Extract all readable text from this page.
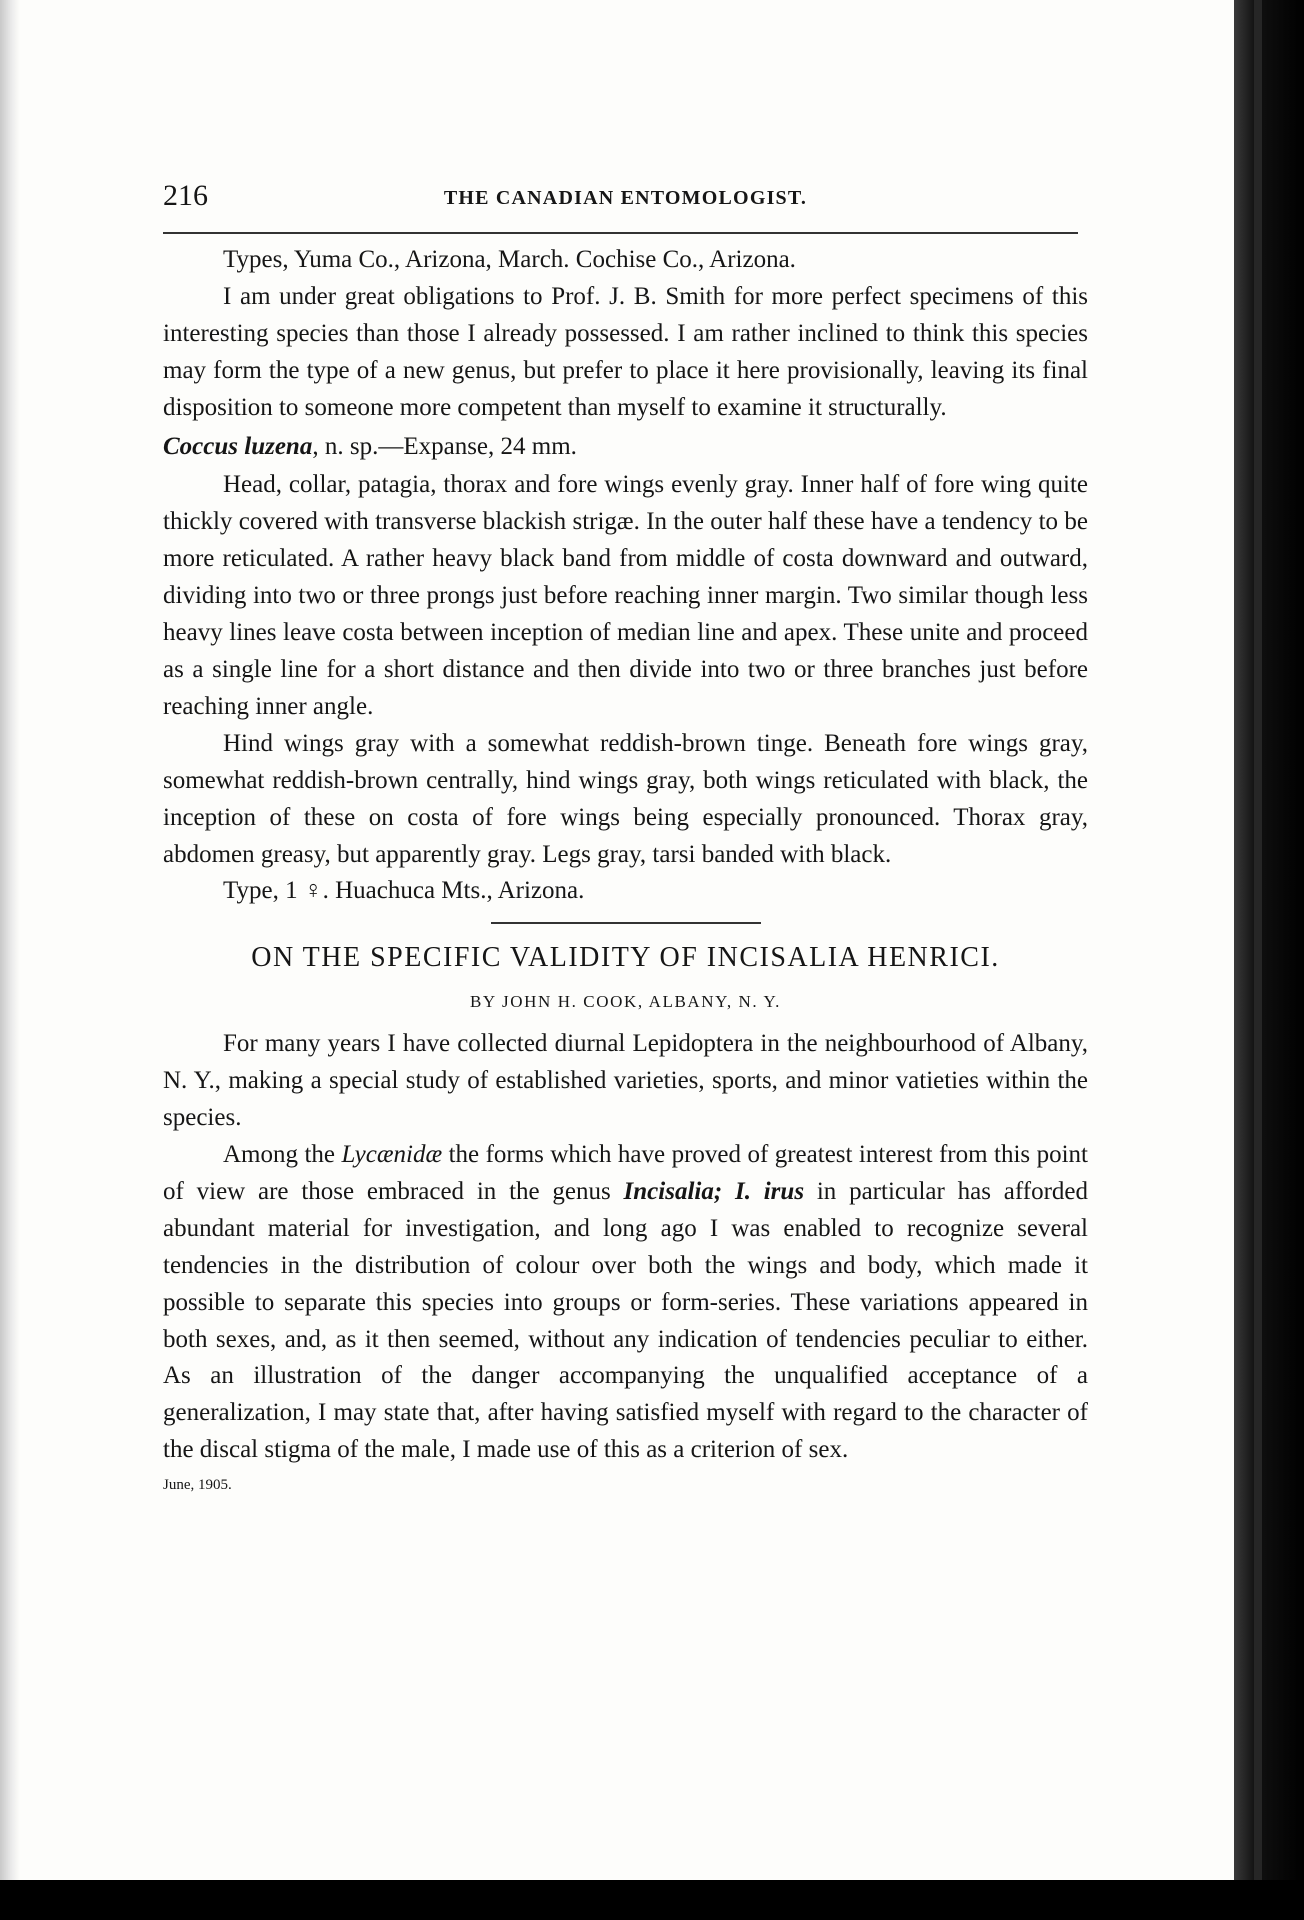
216	THE CANADIAN ENTOMOLOGIST.

Types, Yuma Co., Arizona, March. Cochise Co., Arizona.

I am under great obligations to Prof. J. B. Smith for more perfect specimens of this interesting species than those I already possessed. I am rather inclined to think this species may form the type of a new genus, but prefer to place it here provisionally, leaving its final disposition to someone more competent than myself to examine it structurally.

Coccus luzena, n. sp.—Expanse, 24 mm.

Head, collar, patagia, thorax and fore wings evenly gray. Inner half of fore wing quite thickly covered with transverse blackish strigæ. In the outer half these have a tendency to be more reticulated. A rather heavy black band from middle of costa downward and outward, dividing into two or three prongs just before reaching inner margin. Two similar though less heavy lines leave costa between inception of median line and apex. These unite and proceed as a single line for a short distance and then divide into two or three branches just before reaching inner angle.

Hind wings gray with a somewhat reddish-brown tinge. Beneath fore wings gray, somewhat reddish-brown centrally, hind wings gray, both wings reticulated with black, the inception of these on costa of fore wings being especially pronounced. Thorax gray, abdomen greasy, but apparently gray. Legs gray, tarsi banded with black.

Type, 1 ♀. Huachuca Mts., Arizona.

ON THE SPECIFIC VALIDITY OF INCISALIA HENRICI.
BY JOHN H. COOK, ALBANY, N. Y.

For many years I have collected diurnal Lepidoptera in the neighbourhood of Albany, N. Y., making a special study of established varieties, sports, and minor vatieties within the species.

Among the Lycænidæ the forms which have proved of greatest interest from this point of view are those embraced in the genus Incisalia; I. irus in particular has afforded abundant material for investigation, and long ago I was enabled to recognize several tendencies in the distribution of colour over both the wings and body, which made it possible to separate this species into groups or form-series. These variations appeared in both sexes, and, as it then seemed, without any indication of tendencies peculiar to either. As an illustration of the danger accompanying the unqualified acceptance of a generalization, I may state that, after having satisfied myself with regard to the character of the discal stigma of the male, I made use of this as a criterion of sex.

June, 1905.
